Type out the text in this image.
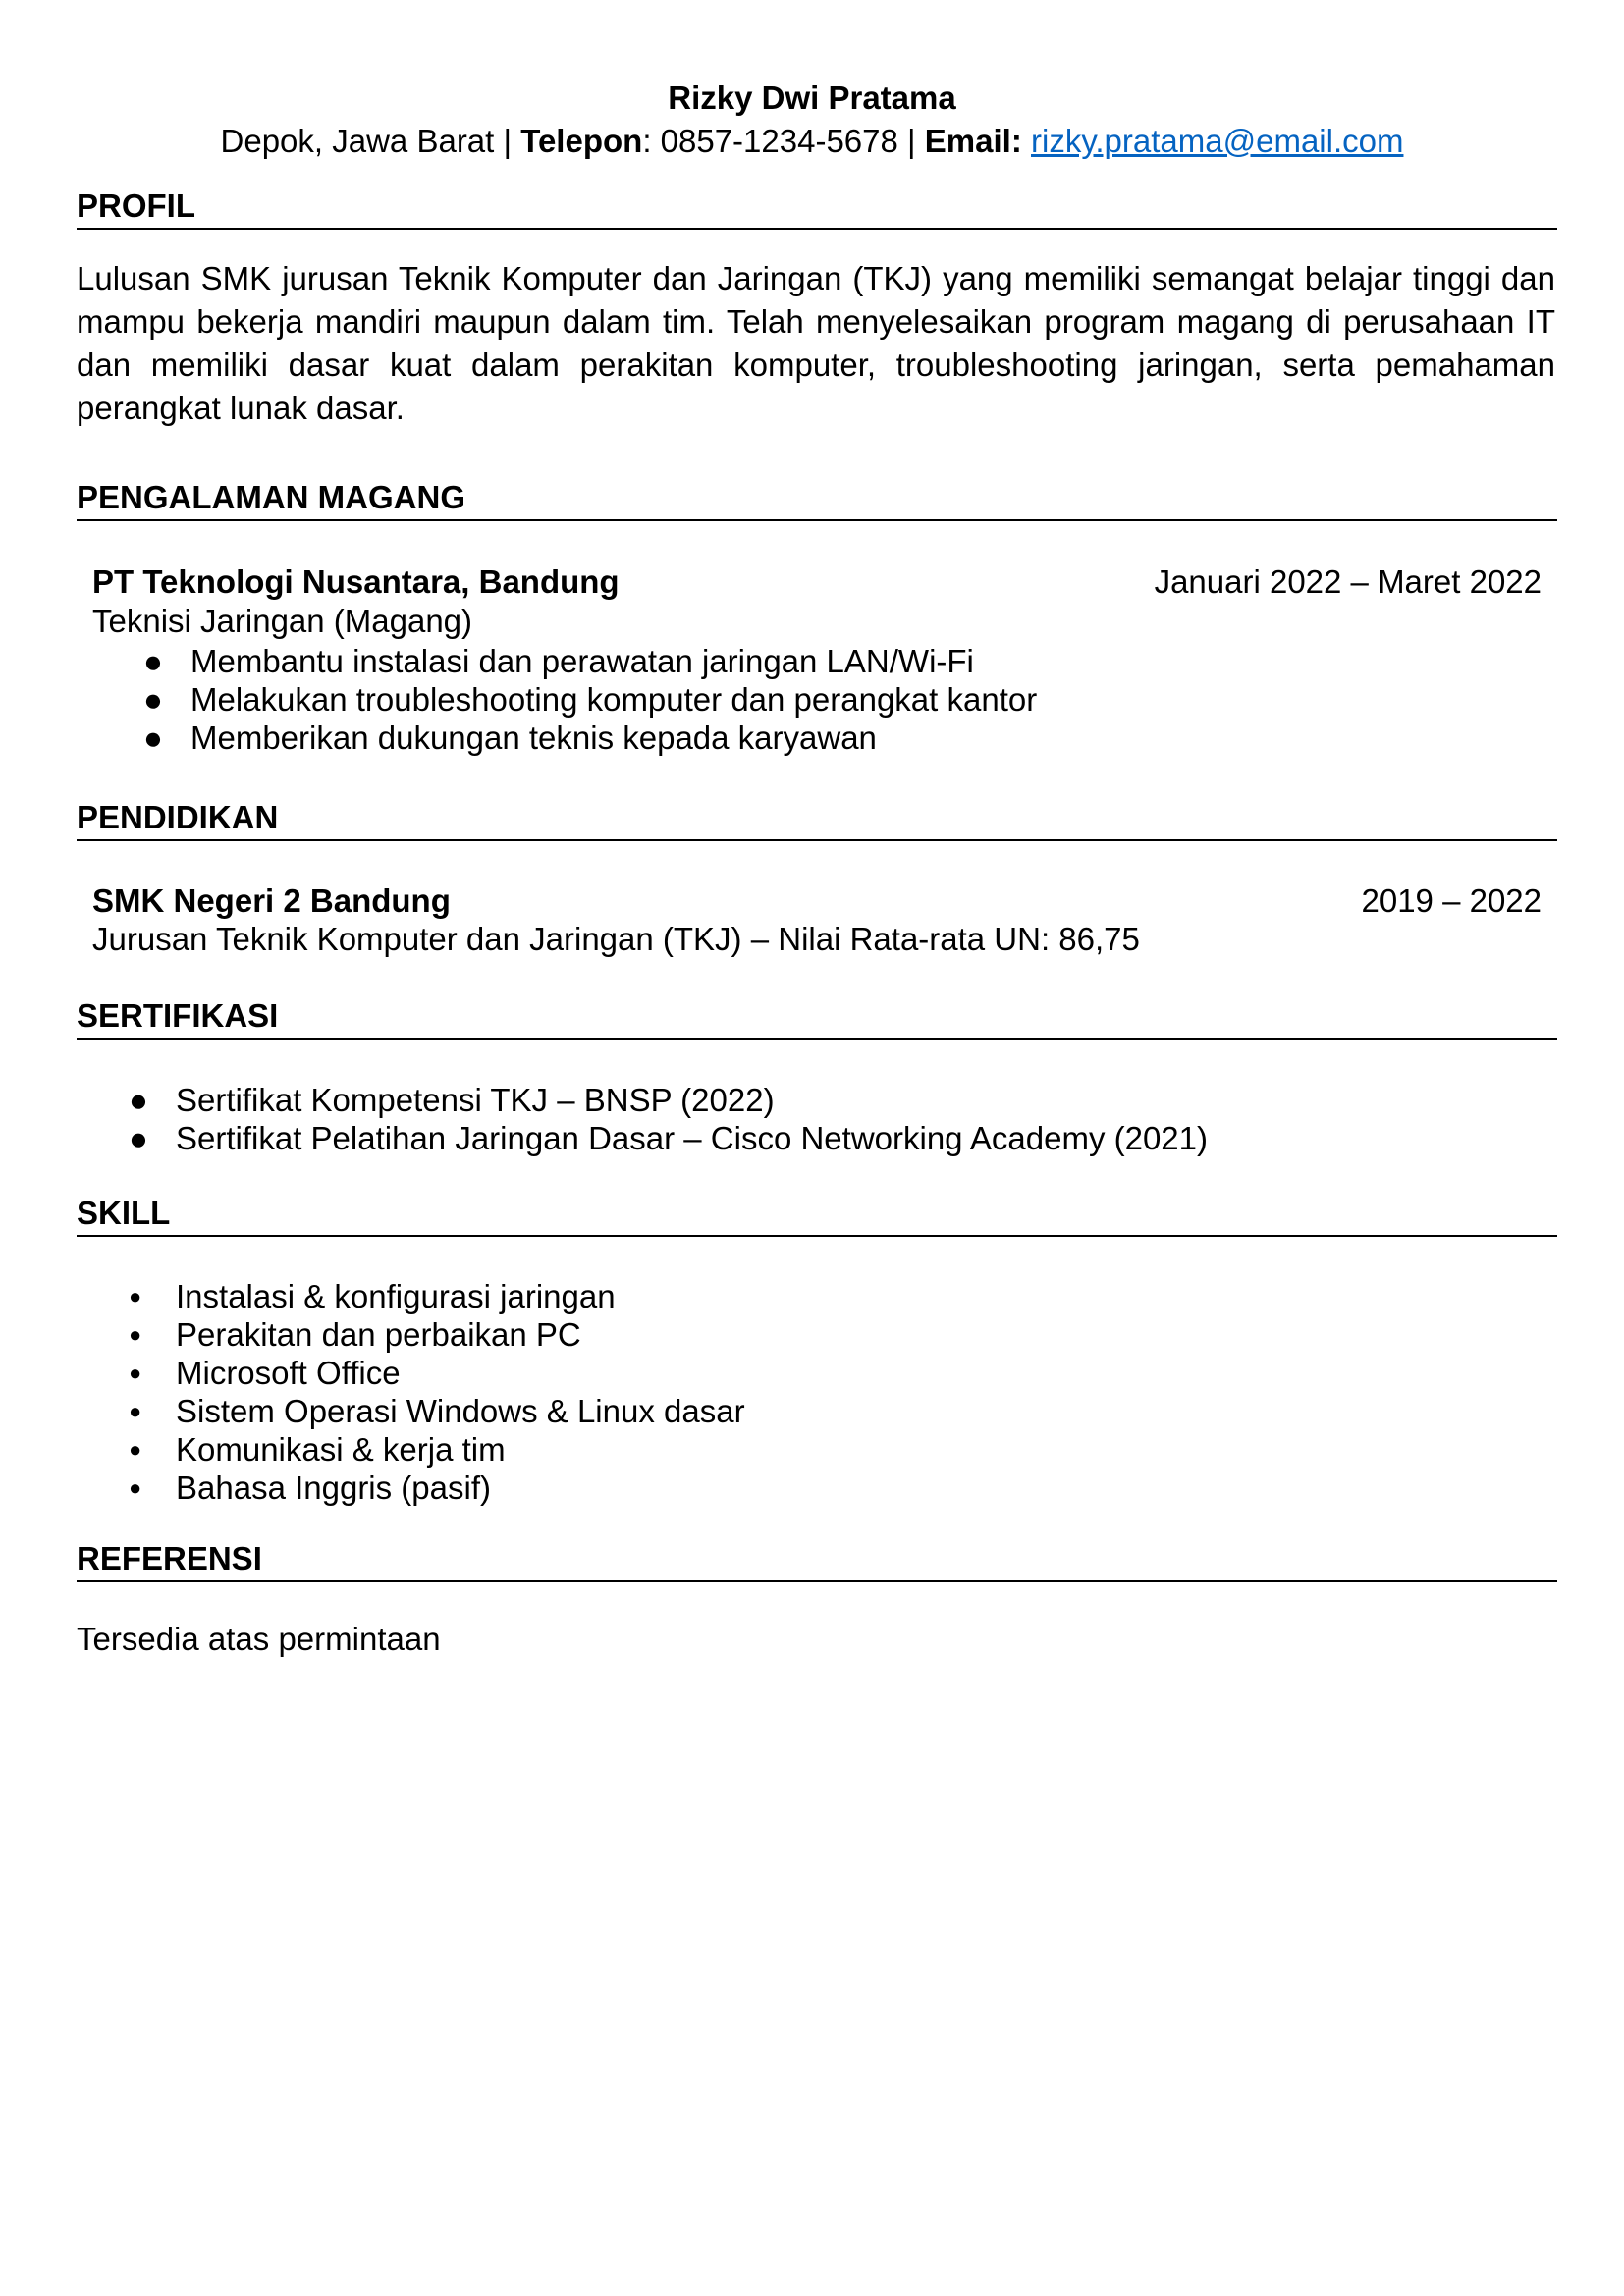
Rizky Dwi Pratama
Depok, Jawa Barat | Telepon: 0857-1234-5678 | Email: rizky.pratama@email.com
PROFIL
Lulusan SMK jurusan Teknik Komputer dan Jaringan (TKJ) yang memiliki semangat belajar tinggi dan mampu bekerja mandiri maupun dalam tim. Telah menyelesaikan program magang di perusahaan IT dan memiliki dasar kuat dalam perakitan komputer, troubleshooting jaringan, serta pemahaman perangkat lunak dasar.
PENGALAMAN MAGANG
PT Teknologi Nusantara, Bandung	Januari 2022 – Maret 2022
Teknisi Jaringan (Magang)
● Membantu instalasi dan perawatan jaringan LAN/Wi-Fi
● Melakukan troubleshooting komputer dan perangkat kantor
● Memberikan dukungan teknis kepada karyawan
PENDIDIKAN
SMK Negeri 2 Bandung	2019 – 2022
Jurusan Teknik Komputer dan Jaringan (TKJ) – Nilai Rata-rata UN: 86,75
SERTIFIKASI
● Sertifikat Kompetensi TKJ – BNSP (2022)
● Sertifikat Pelatihan Jaringan Dasar – Cisco Networking Academy (2021)
SKILL
● Instalasi & konfigurasi jaringan
● Perakitan dan perbaikan PC
● Microsoft Office
● Sistem Operasi Windows & Linux dasar
● Komunikasi & kerja tim
● Bahasa Inggris (pasif)
REFERENSI
Tersedia atas permintaan
